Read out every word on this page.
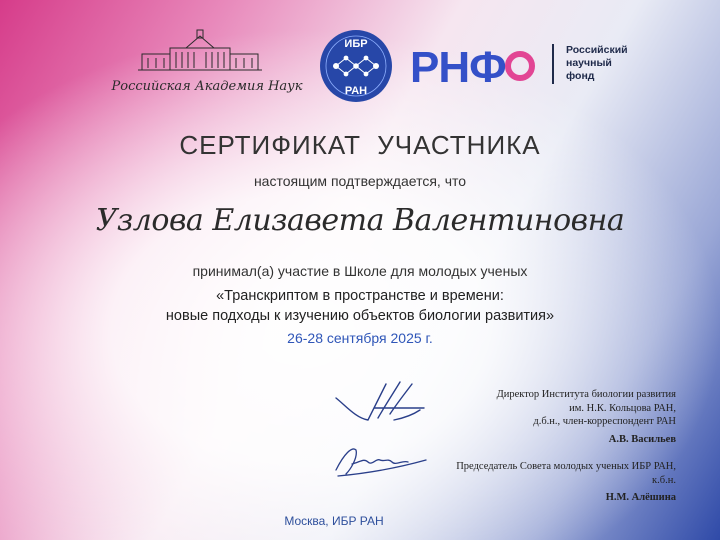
Российская Академия Наук
ИБР
РАН РНФ	Российский
научный
фонд
СЕРТИФИКАТ УЧАСТНИКА
настоящим подтверждается, что
Узлова Елизавета Валентиновна
принимал(а) участие в Школе для молодых ученых
«Транскриптом в пространстве и времени:
новые подходы к изучению объектов биологии развития»
26-28 сентября 2025 г.
Директор Института биологии развития
им. Н.К. Кольцова РАН,
д.б.н., член-корреспондент РАН
А.В. Васильев
Председатель Совета молодых ученых ИБР РАН,
к.б.н.
Н.М. Алёшина
Москва, ИБР РАН
